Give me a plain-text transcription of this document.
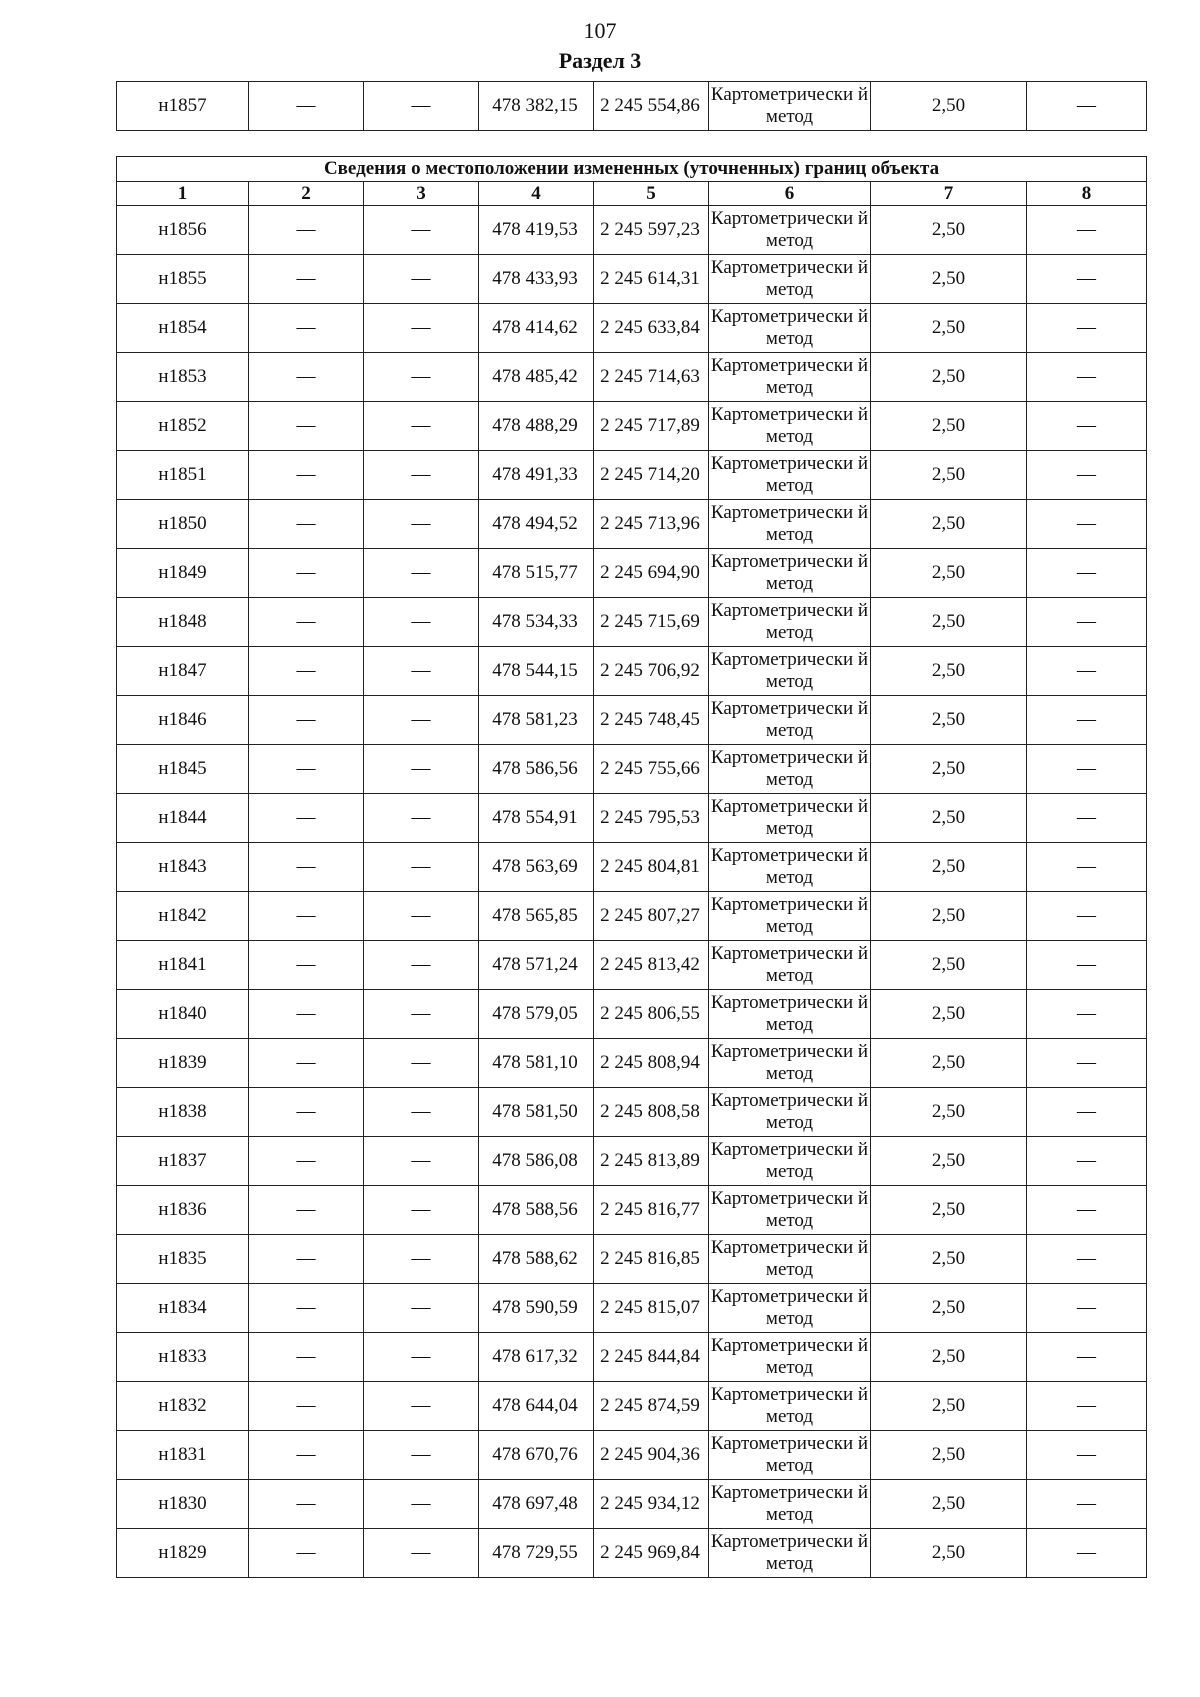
107
Раздел 3
н1857	—	—	478 382,15	2 245 554,86	Картометрически й метод	2,50	—
Сведения о местоположении измененных (уточненных) границ объекта							
1	2	3	4	5	6	7	8
н1856	—	—	478 419,53	2 245 597,23	Картометрически й метод	2,50	—
н1855	—	—	478 433,93	2 245 614,31	Картометрически й метод	2,50	—
н1854	—	—	478 414,62	2 245 633,84	Картометрически й метод	2,50	—
н1853	—	—	478 485,42	2 245 714,63	Картометрически й метод	2,50	—
н1852	—	—	478 488,29	2 245 717,89	Картометрически й метод	2,50	—
н1851	—	—	478 491,33	2 245 714,20	Картометрически й метод	2,50	—
н1850	—	—	478 494,52	2 245 713,96	Картометрически й метод	2,50	—
н1849	—	—	478 515,77	2 245 694,90	Картометрически й метод	2,50	—
н1848	—	—	478 534,33	2 245 715,69	Картометрически й метод	2,50	—
н1847	—	—	478 544,15	2 245 706,92	Картометрически й метод	2,50	—
н1846	—	—	478 581,23	2 245 748,45	Картометрически й метод	2,50	—
н1845	—	—	478 586,56	2 245 755,66	Картометрически й метод	2,50	—
н1844	—	—	478 554,91	2 245 795,53	Картометрически й метод	2,50	—
н1843	—	—	478 563,69	2 245 804,81	Картометрически й метод	2,50	—
н1842	—	—	478 565,85	2 245 807,27	Картометрически й метод	2,50	—
н1841	—	—	478 571,24	2 245 813,42	Картометрически й метод	2,50	—
н1840	—	—	478 579,05	2 245 806,55	Картометрически й метод	2,50	—
н1839	—	—	478 581,10	2 245 808,94	Картометрически й метод	2,50	—
н1838	—	—	478 581,50	2 245 808,58	Картометрически й метод	2,50	—
н1837	—	—	478 586,08	2 245 813,89	Картометрически й метод	2,50	—
н1836	—	—	478 588,56	2 245 816,77	Картометрически й метод	2,50	—
н1835	—	—	478 588,62	2 245 816,85	Картометрически й метод	2,50	—
н1834	—	—	478 590,59	2 245 815,07	Картометрически й метод	2,50	—
н1833	—	—	478 617,32	2 245 844,84	Картометрически й метод	2,50	—
н1832	—	—	478 644,04	2 245 874,59	Картометрически й метод	2,50	—
н1831	—	—	478 670,76	2 245 904,36	Картометрически й метод	2,50	—
н1830	—	—	478 697,48	2 245 934,12	Картометрически й метод	2,50	—
н1829	—	—	478 729,55	2 245 969,84	Картометрически й метод	2,50	—
